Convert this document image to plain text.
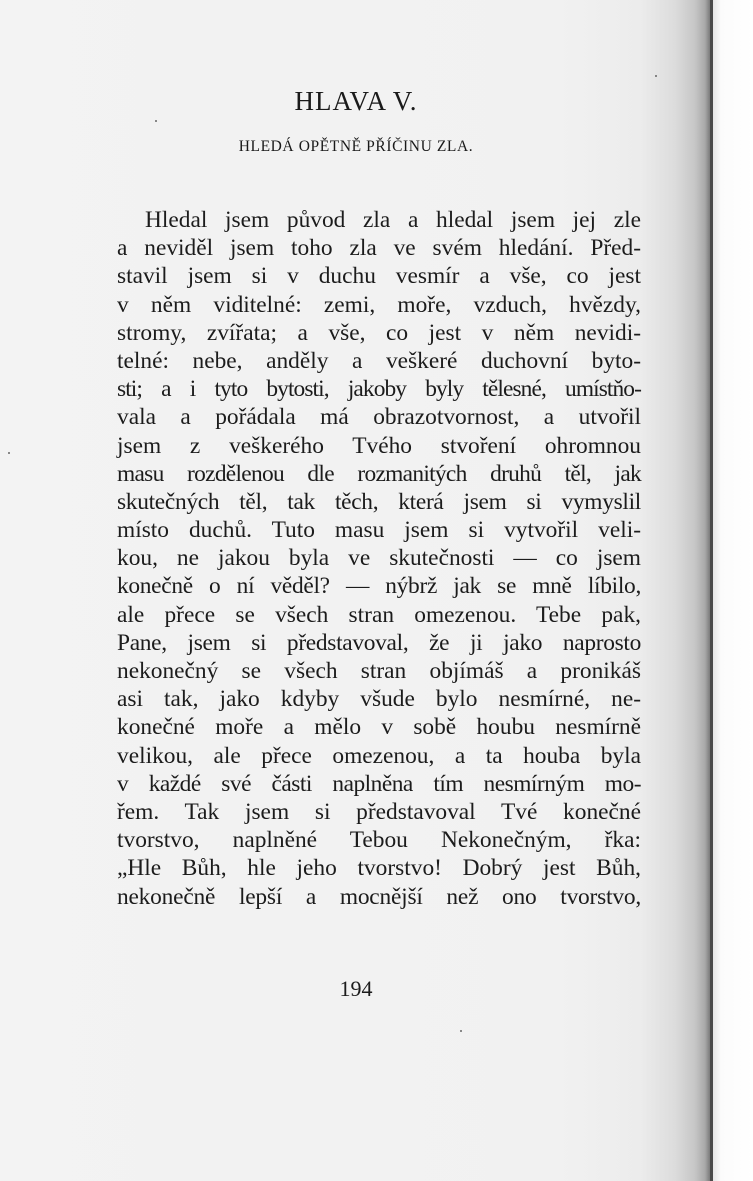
HLAVA V.
HLEDÁ OPĚTNĚ PŘÍČINU ZLA.
Hledal jsem původ zla a hledal jsem jej zle
a neviděl jsem toho zla ve svém hledání. Před-
stavil jsem si v duchu vesmír a vše, co jest
v něm viditelné: zemi, moře, vzduch, hvězdy,
stromy, zvířata; a vše, co jest v něm nevidi-
telné: nebe, anděly a veškeré duchovní byto-
sti; a i tyto bytosti, jakoby byly tělesné, umístňo-
vala a pořádala má obrazotvornost, a utvořil
jsem z veškerého Tvého stvoření ohromnou
masu rozdělenou dle rozmanitých druhů těl, jak
skutečných těl, tak těch, která jsem si vymyslil
místo duchů. Tuto masu jsem si vytvořil veli-
kou, ne jakou byla ve skutečnosti — co jsem
konečně o ní věděl? — nýbrž jak se mně líbilo,
ale přece se všech stran omezenou. Tebe pak,
Pane, jsem si představoval, že ji jako naprosto
nekonečný se všech stran objímáš a pronikáš
asi tak, jako kdyby všude bylo nesmírné, ne-
konečné moře a mělo v sobě houbu nesmírně
velikou, ale přece omezenou, a ta houba byla
v každé své části naplněna tím nesmírným mo-
řem. Tak jsem si představoval Tvé konečné
tvorstvo, naplněné Tebou Nekonečným, řka:
„Hle Bůh, hle jeho tvorstvo! Dobrý jest Bůh,
nekonečně lepší a mocnější než ono tvorstvo,
194
